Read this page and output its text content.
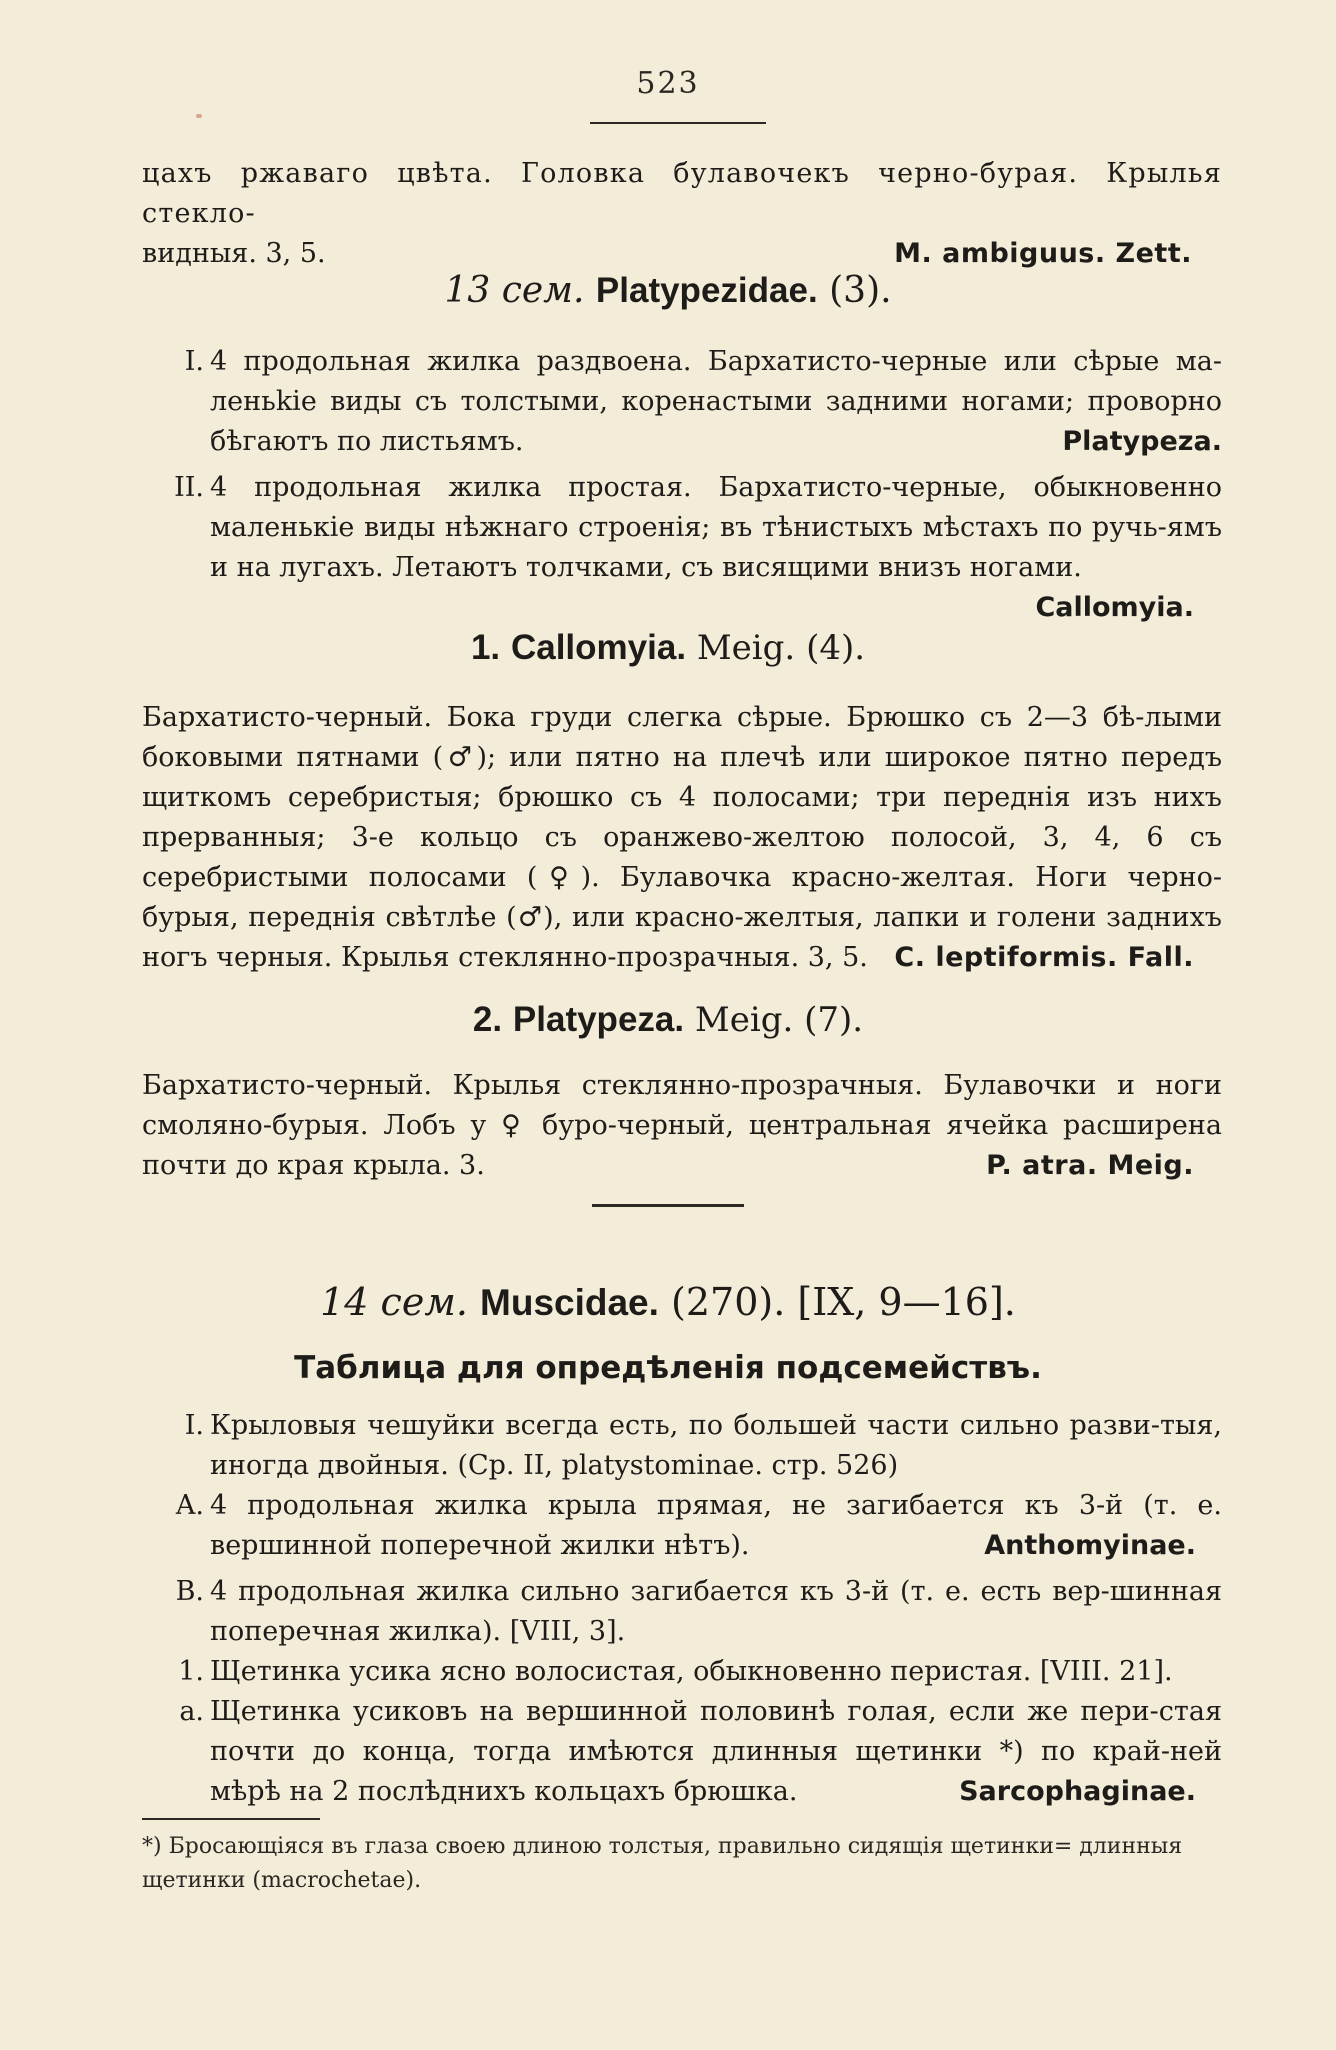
523
цахъ ржаваго цвѣта. Головка булавочекъ черно-бурая. Крылья стекло-
видныя. 3, 5.	M. ambiguus. Zett.
13 сем. Platypezidae. (3).
I. 4 продольная жилка раздвоена. Бархатисто-черные или сѣрые ма-леньkie виды съ толстыми, коренастыми задними ногами; проворно бѣгаютъ по листьямъ.	Platypeza.
II. 4 продольная жилка простая. Бархатисто-черные, обыкновенно маленькie виды нѣжнаго строенія; въ тѣнистыхъ мѣстахъ по ручь-ямъ и на лугахъ. Летаютъ толчками, съ висящими внизъ ногами.
Callomyia.
1. Callomyia. Meig. (4).
Бархатисто-черный. Бока груди слегка сѣрые. Брюшко съ 2—3 бѣ-лыми боковыми пятнами (♂); или пятно на плечѣ или широкое пятно передъ щиткомъ серебристыя; брюшко съ 4 полосами; три переднія изъ нихъ прерванныя; 3-е кольцо съ оранжево-желтою полосой, 3, 4, 6 съ серебристыми полосами (♀). Булавочка красно-желтая. Ноги черно-бурыя, переднія свѣтлѣе (♂), или красно-желтыя, лапки и голени заднихъ ногъ черныя. Крылья стеклянно-прозрачныя. 3, 5. C. leptiformis. Fall.
2. Platypeza. Meig. (7).
Бархатисто-черный. Крылья стеклянно-прозрачныя. Булавочки и ноги смоляно-бурыя. Лобъ у ♀ буро-черный, центральная ячейка расширена почти до края крыла. 3.	P. atra. Meig.
14 сем. Muscidae. (270). [IX, 9—16].
Таблица для опредѣленія подсемействъ.
I. Крыловыя чешуйки всегда есть, по большей части сильно разви-тыя, иногда двойныя. (Ср. II, platystominae. стр. 526)
A. 4 продольная жилка крыла прямая, не загибается къ 3-й (т. е. вершинной поперечной жилки нѣтъ).	Anthomyinae.
B. 4 продольная жилка сильно загибается къ 3-й (т. е. есть вер-шинная поперечная жилка). [VIII, 3].
1. Щетинка усика ясно волосистая, обыкновенно перистая. [VIII. 21].
a. Щетинка усиковъ на вершинной половинѣ голая, если же пери-стая почти до конца, тогда имѣются длинныя щетинки *) по край-ней мѣрѣ на 2 послѣднихъ кольцахъ брюшка.	Sarcophaginae.
*) Бросающіяся въ глаза своею длиною толстыя, правильно сидящія щетинки= длинныя щетинки (macrochetae).
